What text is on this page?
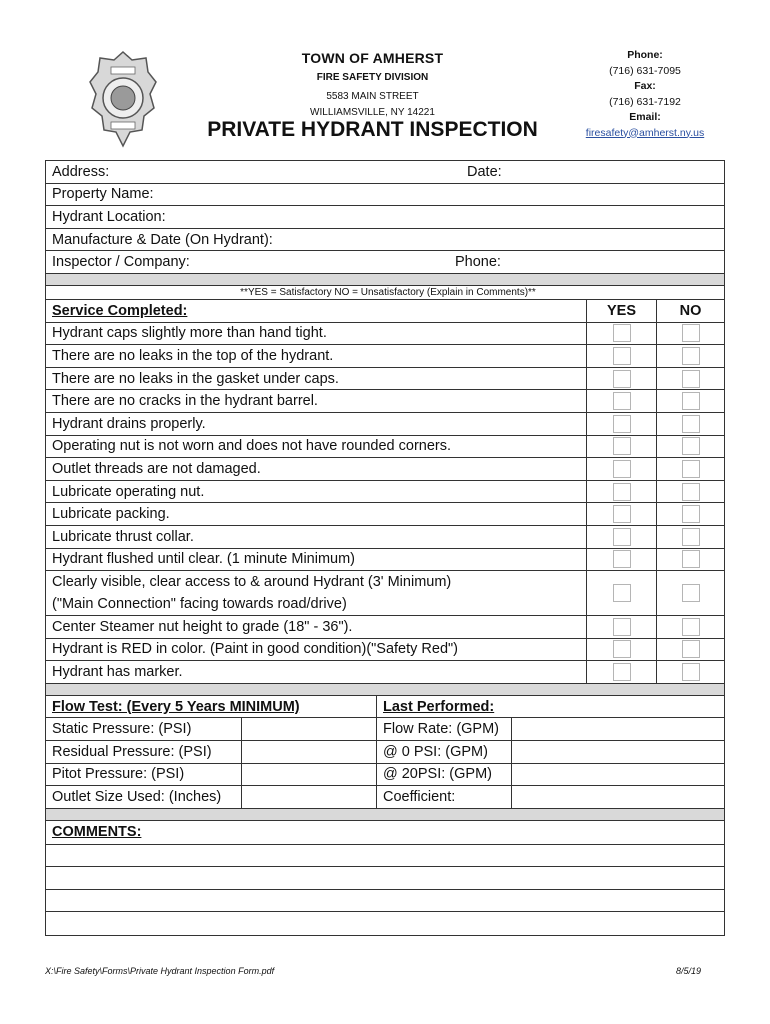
TOWN OF AMHERST
FIRE SAFETY DIVISION
5583 MAIN STREET
WILLIAMSVILLE, NY 14221
PRIVATE HYDRANT INSPECTION
Phone:
(716) 631-7095
Fax:
(716) 631-7192
Email:
firesafety@amherst.ny.us
Address:	Date:
Property Name:
Hydrant Location:
Manufacture & Date (On Hydrant):
Inspector / Company:	Phone:
**YES = Satisfactory NO = Unsatisfactory (Explain in Comments)**
Service Completed:	YES	NO
Hydrant caps slightly more than hand tight.
There are no leaks in the top of the hydrant.
There are no leaks in the gasket under caps.
There are no cracks in the hydrant barrel.
Hydrant drains properly.
Operating nut is not worn and does not have rounded corners.
Outlet threads are not damaged.
Lubricate operating nut.
Lubricate packing.
Lubricate thrust collar.
Hydrant flushed until clear. (1 minute Minimum)
Clearly visible, clear access to & around Hydrant (3' Minimum)
("Main Connection" facing towards road/drive)
Center Steamer nut height to grade (18" - 36").
Hydrant is RED in color. (Paint in good condition)("Safety Red")
Hydrant has marker.
Flow Test: (Every 5 Years MINIMUM)	Last Performed:
Static Pressure: (PSI)	Flow Rate: (GPM)
Residual Pressure: (PSI)	@ 0 PSI: (GPM)
Pitot Pressure: (PSI)	@ 20PSI: (GPM)
Outlet Size Used: (Inches)	Coefficient:
COMMENTS:
X:\Fire Safety\Forms\Private Hydrant Inspection Form.pdf	8/5/19
